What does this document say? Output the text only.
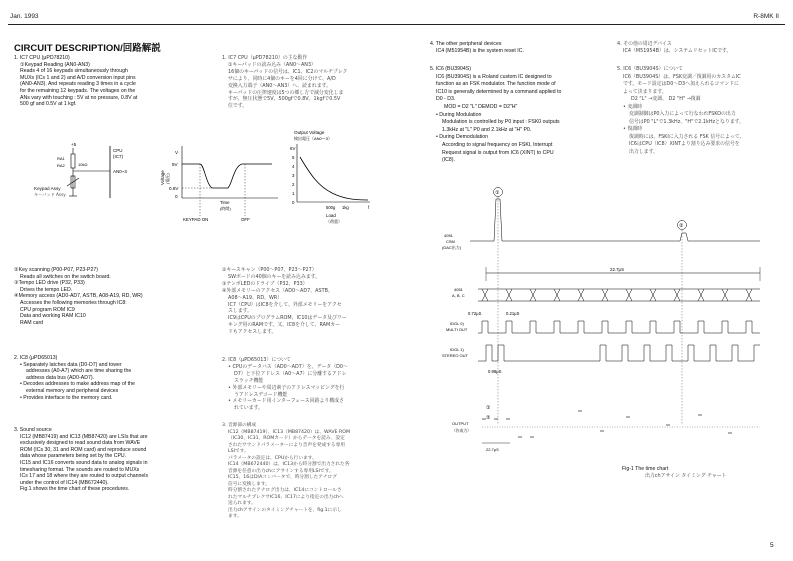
Jan. 1993	R-8MK II
CIRCUIT DESCRIPTION/回路解説
1. IC7 CPU (μPD78210)
①Keypad Reading (AN0-AN3)
Reads 4 of 16 keypads simultaneously through
MUXs (ICs 1 and 2) and A/D conversion input pins
(AN0-AN3). And repeats reading 3 times in a cycle
for the remaining 12 keypads. The voltages on the
ANs vary with touching : 5V at no pressure, 0.8V at
500 gf and 0.5V at 1 kgf.
+5
RA1
RA2	10kΩ
CPU
(IC7)
AN0~3
Keypad Assy
キーパッド Assy
V
5V
0.8V
0
Voltage (電圧)
Time
(時間)
KEYPAD ON	OFF
Output Voltage
検出電圧（AN0〜3）
6V
5
4
3
2
1
0
500g 1kg	f
Load
（荷重）
②Key scanning (P00-P07, P23-P27)
Reads all switches on the switch board.
③Tempo LED drive (P32, P33)
Drives the tempo LED.
④Memory access (AD0-AD7, ASTB, A08-A19, RD, WR)
Accesses the following memories through IC8:
CPU program ROM IC9
Data and working RAM IC10
RAM card
2. IC8 (μPD65013)
• Separately latches data (D0-D7) and tower
addresses (A0-A7) which are time sharing the
address data bus (AD0-AD7).
• Decodes addresses to make address map of the
external memory and peripheral devices
• Provides interface to the memory card.
3. Sound source
IC12 (MB87419) and IC13 (MB87420) are LSIs that are
exclusively designed to read sound data from WAVE
ROM (ICs 30, 31 and ROM card) and reproduce sound
data whose parameters being set by the CPU.
IC15 and IC16 converts sound data to analog signals in
timesharing format. The sounds are routed to MUXs
ICs 17 and 18 where they are routed to output channels
under the control of IC14 (MB672440).
Fig.1 shows the time chart of these procedures.
1. IC7 CPU（μPD78210）の主な動作
①キーパッドの読み込み（AN0〜AN3）
16個のキーパッドの信号は、IC1、IC2のマルチプレク
サにより、同時に4個のキーを4回に分けて、A/D
変換入力端子（AN0〜AN3）へ、読まれます。
キーパッドの圧搾速度は5つの郷し方で減分変化しま
すが、無圧状態で5V、500gfで0.8V、1kgfで0.5V
位です。
②キースキャン（P00〜P07、P23〜P27）
SWボードの40個のキーを読み込みます。
③テンポLEDのドライブ（P32、P33）
④外部メモリーのアクセス（AD0〜AD7、ASTB、
A08〜A19、RD、WR）
IC7（CPU）はIC8を介して、外部メモリーをアクセ
スします。
IC9はCPUのプログラムROM、IC10はデータ及びワー
キング用のRAMです。又、IC8を介して、RAMカー
ドもアクセスします。
2. IC8（μPD65013）について
• CPUのデータバス（AD0〜AD7）を、データ（D0〜
D7）と下位アドレス（A0〜A7）に分離するアドレ
スラッチ機能
• 外部メモリーや周辺素子のアドレスマッピングを行
うアドレスデコード機能
• メモリーカード用インターフェース回路より構成さ
れています。
3. 音源部の構成
IC12（MB87419）、IC13（MB87420）は、WAVE ROM
（IC30、IC31、ROMカード）からデータを読み、設定
されたサウンドパラメーターにより音声を発成する専用
LSIです。
パラメータの設定は、CPUから行います。
IC14（MB672440）は、IC13から時分割で出力された各
音源を任意の出力chにアサインする専用LSIです。
IC15、16はD/Aコンバータで、時分割したアナログ
信号に変換します。
時分割されたアナログ出力は、IC14にコントロールさ
れたマルチプレクサIC16、IC17により指定の出力chへ
送られます。
出力chアサインのタイミングチャートを、fig.1に示し
ます。
4. The other peripheral devices
IC4 (M51954B) is the system reset IC.
5. IC6 (BU3904S)
IC6 (BU3904S) is a Roland custom IC designed to
function as an FSK modulator. The function mode of
IC10 is generally determined by a command applied to
D0 - D3.
MOD = D2 "L" DEMOD = D2"H"
• During Modulation
Modulation is controlled by P0 input : FSK0 outputs
1.3kHz at "L" P0 and 2.1kHz at "H" P0.
• During Demodulation
According to signal frequency on FSKI, Interrupt
Request signal is output from IC6 (XINT) to CPU
(IC8).
4. その他の周辺デバイス
IC4（M51954B）は、システムリセットICです。
5. IC6（BU3904S）について
IC6（BU3904S）は、FSK変調／復調用のカスタムIC
です。モード設定はD0〜D3へ加えられるコマンドに
よって決まります。
D2 "L" →変調、 D2 "H" →復調
• 変調時
変調制御はP0入力によって行なわれFSKOの出力
信号はP0 "L"で1.3kHz、"H"で2.1kHzとなります。
• 復調時
復調時には、FSKIに入力される FSK 信号によって、
IC6はCPU（IC8）XINTより割り込み要求の信号を
出力します。
①
②
4051
CSM
(DAC出力)
22.7μS
4051
A, B, C
0.72μS	0.21μS
IDGL 0)
MULTI OUT
IDGL 1)
STEREO OUT
0.98μS
①
②
OUTPUT
（作成力）
22.7μS
Fig-1 The time chart
出力chアサイン タイミング チャート
5
